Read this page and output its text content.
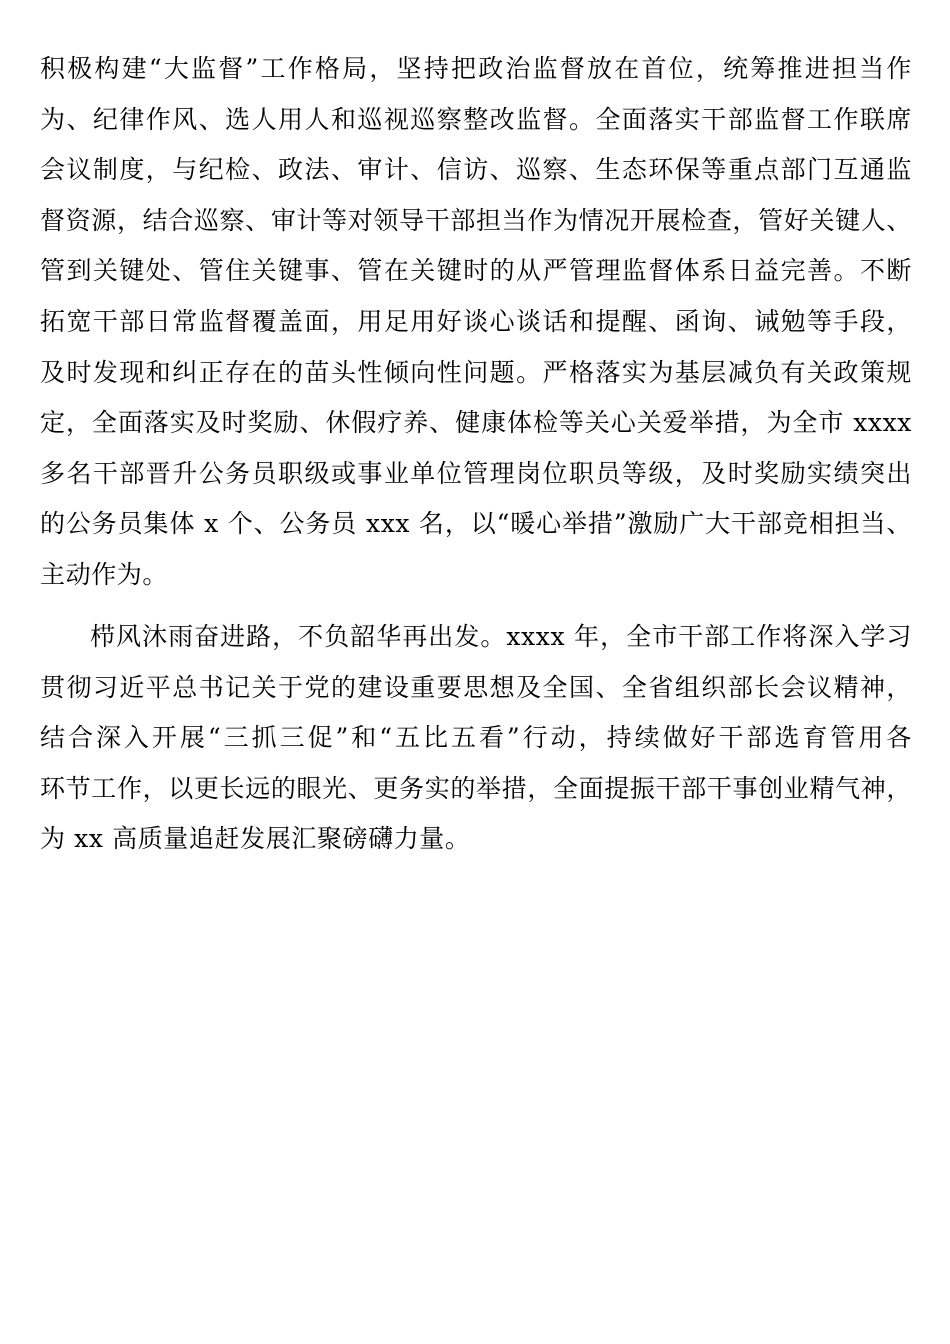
积极构建“大监督”工作格局，坚持把政治监督放在首位，统筹推进担当作
为、纪律作风、选人用人和巡视巡察整改监督。全面落实干部监督工作联席
会议制度，与纪检、政法、审计、信访、巡察、生态环保等重点部门互通监
督资源，结合巡察、审计等对领导干部担当作为情况开展检查，管好关键人、
管到关键处、管住关键事、管在关键时的从严管理监督体系日益完善。不断
拓宽干部日常监督覆盖面，用足用好谈心谈话和提醒、函询、诫勉等手段，
及时发现和纠正存在的苗头性倾向性问题。严格落实为基层减负有关政策规
定，全面落实及时奖励、休假疗养、健康体检等关心关爱举措，为全市 xxxx
多名干部晋升公务员职级或事业单位管理岗位职员等级，及时奖励实绩突出
的公务员集体 x 个、公务员 xxx 名，以“暖心举措”激励广大干部竞相担当、
主动作为。
栉风沐雨奋进路，不负韶华再出发。xxxx 年，全市干部工作将深入学习
贯彻习近平总书记关于党的建设重要思想及全国、全省组织部长会议精神，
结合深入开展“三抓三促”和“五比五看”行动，持续做好干部选育管用各
环节工作，以更长远的眼光、更务实的举措，全面提振干部干事创业精气神，
为 xx 高质量追赶发展汇聚磅礴力量。
